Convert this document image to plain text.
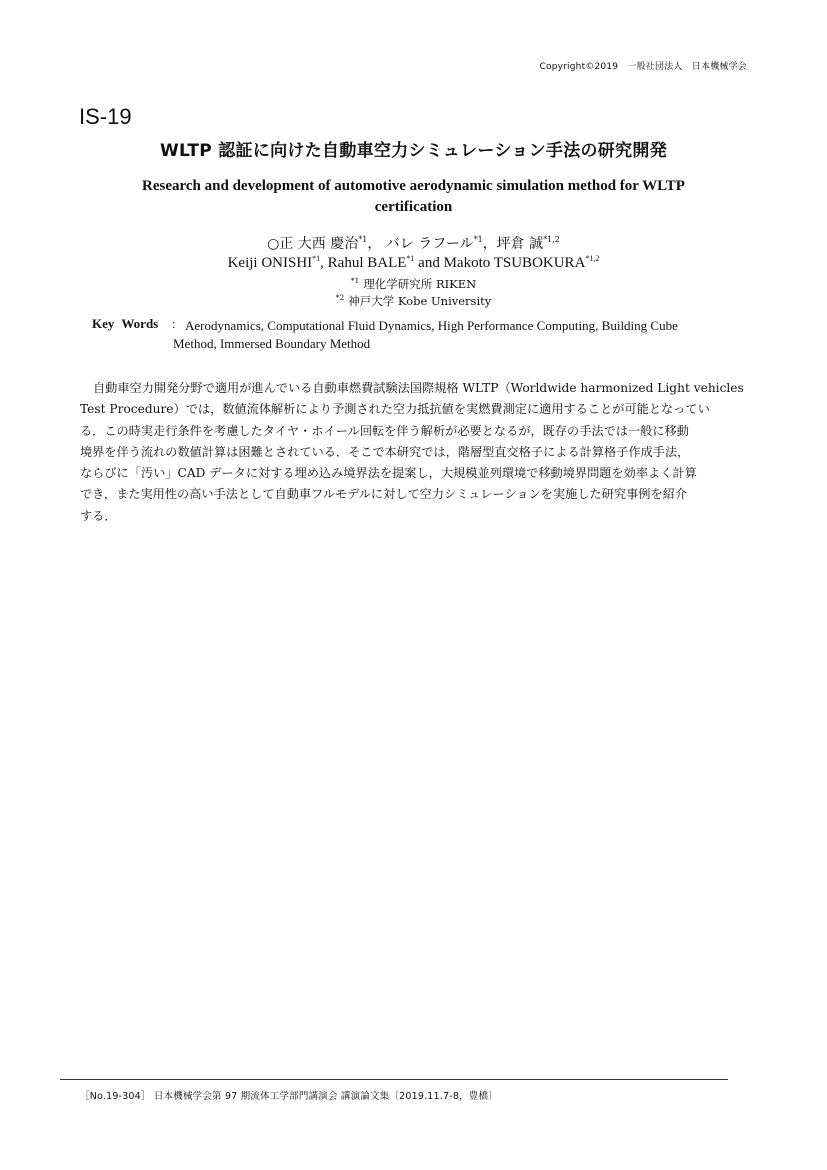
Copyright©2019　一般社団法人　日本機械学会
IS-19
WLTP 認証に向けた自動車空力シミュレーション手法の研究開発
Research and development of automotive aerodynamic simulation method for WLTP
certification
○正 大西 慶治$^{*1}$， バレ ラフール$^{*1}$，坪倉 誠$^{*1,2}$
Keiji ONISHI$^{*1}$, Rahul BALE$^{*1}$ and Makoto TSUBOKURA$^{*1,2}$
$^{*1}$ 理化学研究所 RIKEN
$^{*2}$ 神戸大学 Kobe University
Key Words : Aerodynamics, Computational Fluid Dynamics, High Performance Computing, Building Cube
Method, Immersed Boundary Method
自動車空力開発分野で適用が進んでいる自動車燃費試験法国際規格 WLTP（Worldwide harmonized Light vehicles
Test Procedure）では，数値流体解析により予測された空力抵抗値を実燃費測定に適用することが可能となってい
る．この時実走行条件を考慮したタイヤ・ホイール回転を伴う解析が必要となるが，既存の手法では一般に移動
境界を伴う流れの数値計算は困難とされている．そこで本研究では，階層型直交格子による計算格子作成手法，
ならびに「汚い」CAD データに対する埋め込み境界法を提案し，大規模並列環境で移動境界問題を効率よく計算
でき，また実用性の高い手法として自動車フルモデルに対して空力シミュレーションを実施した研究事例を紹介
する．
［No.19-304］ 日本機械学会第 97 期流体工学部門講演会 講演論文集〔2019.11.7-8，豊橋〕
